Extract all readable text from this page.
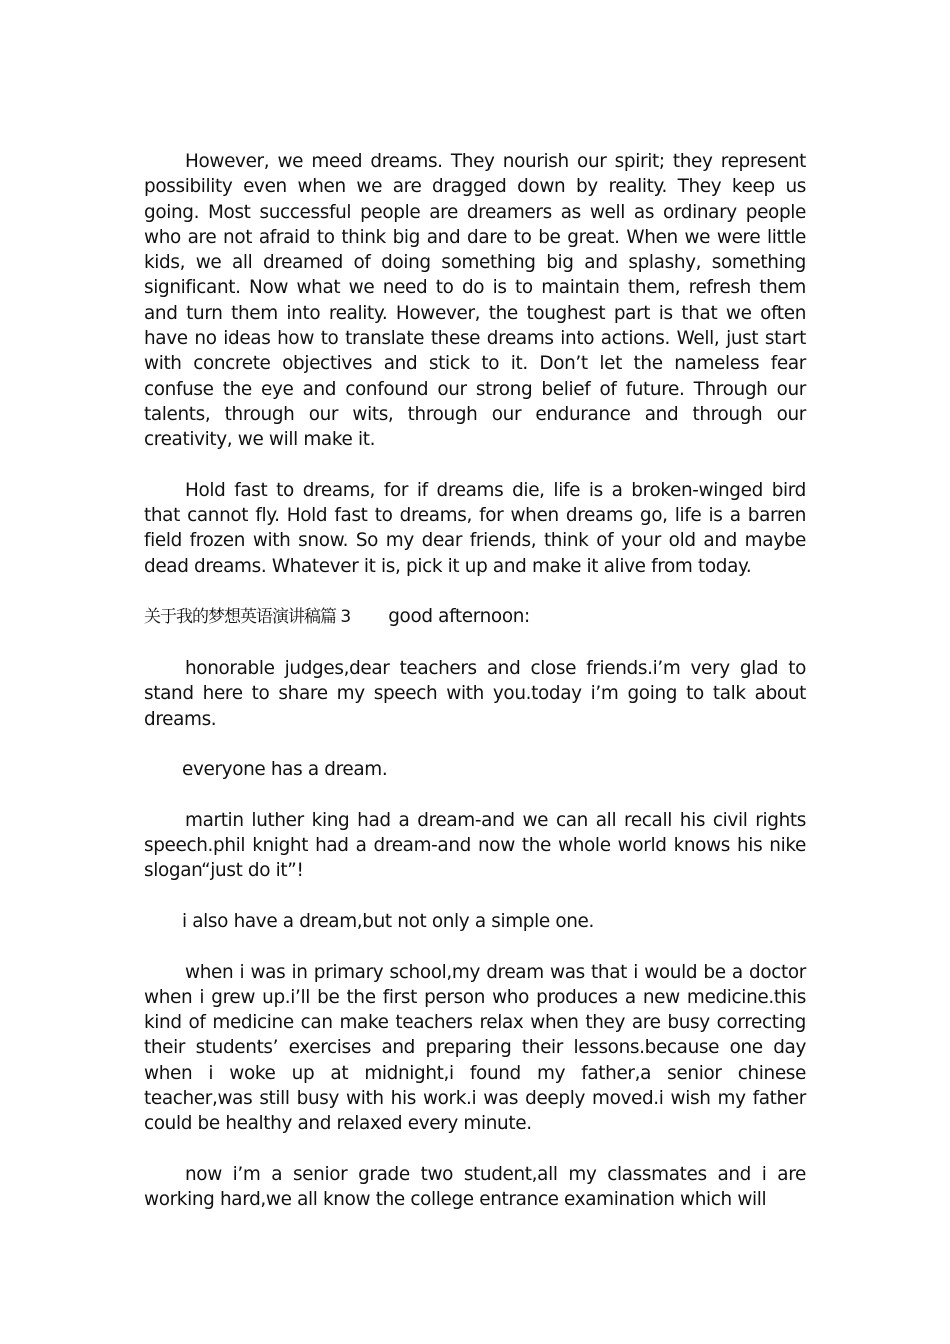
However, we meed dreams. They nourish our spirit; they represent possibility even when we are dragged down by reality. They keep us going. Most successful people are dreamers as well as ordinary people who are not afraid to think big and dare to be great. When we were little kids, we all dreamed of doing something big and splashy, something significant. Now what we need to do is to maintain them, refresh them and turn them into reality. However, the toughest part is that we often have no ideas how to translate these dreams into actions. Well, just start with concrete objectives and stick to it. Don’t let the nameless fear confuse the eye and confound our strong belief of future. Through our talents, through our wits, through our endurance and through our creativity, we will make it.

Hold fast to dreams, for if dreams die, life is a broken-winged bird that cannot fly. Hold fast to dreams, for when dreams go, life is a barren field frozen with snow. So my dear friends, think of your old and maybe dead dreams. Whatever it is, pick it up and make it alive from today.

关于我的梦想英语演讲稿篇 3 good afternoon:

honorable judges,dear teachers and close friends.i’m very glad to stand here to share my speech with you.today i’m going to talk about dreams.

everyone has a dream.

martin luther king had a dream-and we can all recall his civil rights speech.phil knight had a dream-and now the whole world knows his nike slogan“just do it”!

i also have a dream,but not only a simple one.

when i was in primary school,my dream was that i would be a doctor when i grew up.i’ll be the first person who produces a new medicine.this kind of medicine can make teachers relax when they are busy correcting their students’ exercises and preparing their lessons.because one day when i woke up at midnight,i found my father,a senior chinese teacher,was still busy with his work.i was deeply moved.i wish my father could be healthy and relaxed every minute.

now i’m a senior grade two student,all my classmates and i are working hard,we all know the college entrance examination which will
